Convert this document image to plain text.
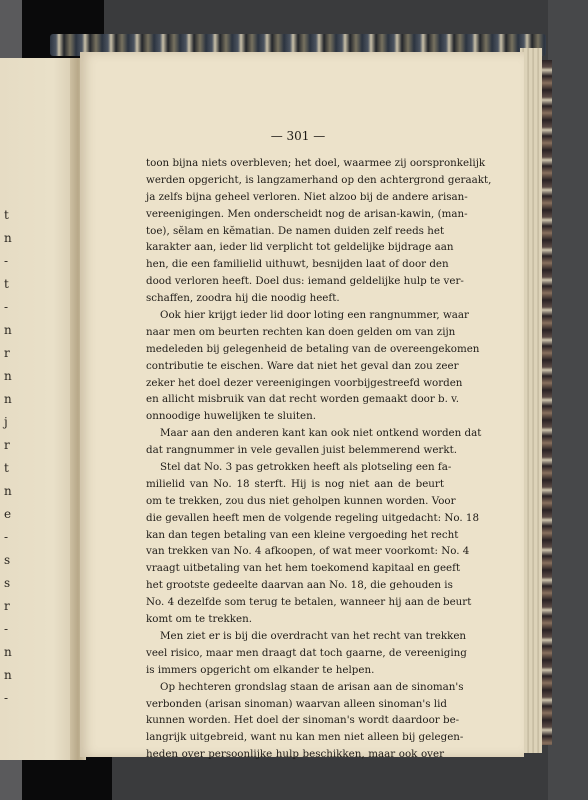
t
n
-
t
-
n
r
n
n
j
r
t
n
e
-
s
s
r
-
n
n
-
— 301 —
toon bijna niets overbleven; het doel, waarmee zij oorspronkelijk
werden opgericht, is langzamerhand op den achtergrond geraakt,
ja zelfs bijna geheel verloren. Niet alzoo bij de andere arisan-
vereenigingen. Men onderscheidt nog de arisan-kawin, (man-
toe), sĕlam en kĕmatian. De namen duiden zelf reeds het
karakter aan, ieder lid verplicht tot geldelijke bijdrage aan
hen, die een familielid uithuwt, besnijden laat of door den
dood verloren heeft. Doel dus: iemand geldelijke hulp te ver-
schaffen, zoodra hij die noodig heeft.
Ook hier krijgt ieder lid door loting een rangnummer, waar
naar men om beurten rechten kan doen gelden om van zijn
medeleden bij gelegenheid de betaling van de overeengekomen
contributie te eischen. Ware dat niet het geval dan zou zeer
zeker het doel dezer vereenigingen voorbijgestreefd worden
en allicht misbruik van dat recht worden gemaakt door b. v.
onnoodige huwelijken te sluiten.
Maar aan den anderen kant kan ook niet ontkend worden dat
dat rangnummer in vele gevallen juist belemmerend werkt.
Stel dat No. 3 pas getrokken heeft als plotseling een fa-
milielid van No. 18 sterft. Hij is nog niet aan de beurt
om te trekken, zou dus niet geholpen kunnen worden. Voor
die gevallen heeft men de volgende regeling uitgedacht: No. 18
kan dan tegen betaling van een kleine vergoeding het recht
van trekken van No. 4 afkoopen, of wat meer voorkomt: No. 4
vraagt uitbetaling van het hem toekomend kapitaal en geeft
het grootste gedeelte daarvan aan No. 18, die gehouden is
No. 4 dezelfde som terug te betalen, wanneer hij aan de beurt
komt om te trekken.
Men ziet er is bij die overdracht van het recht van trekken
veel risico, maar men draagt dat toch gaarne, de vereeniging
is immers opgericht om elkander te helpen.
Op hechteren grondslag staan de arisan aan de sinoman's
verbonden (arisan sinoman) waarvan alleen sinoman's lid
kunnen worden. Het doel der sinoman's wordt daardoor be-
langrijk uitgebreid, want nu kan men niet alleen bij gelegen-
heden over persoonlijke hulp beschikken, maar ook over
